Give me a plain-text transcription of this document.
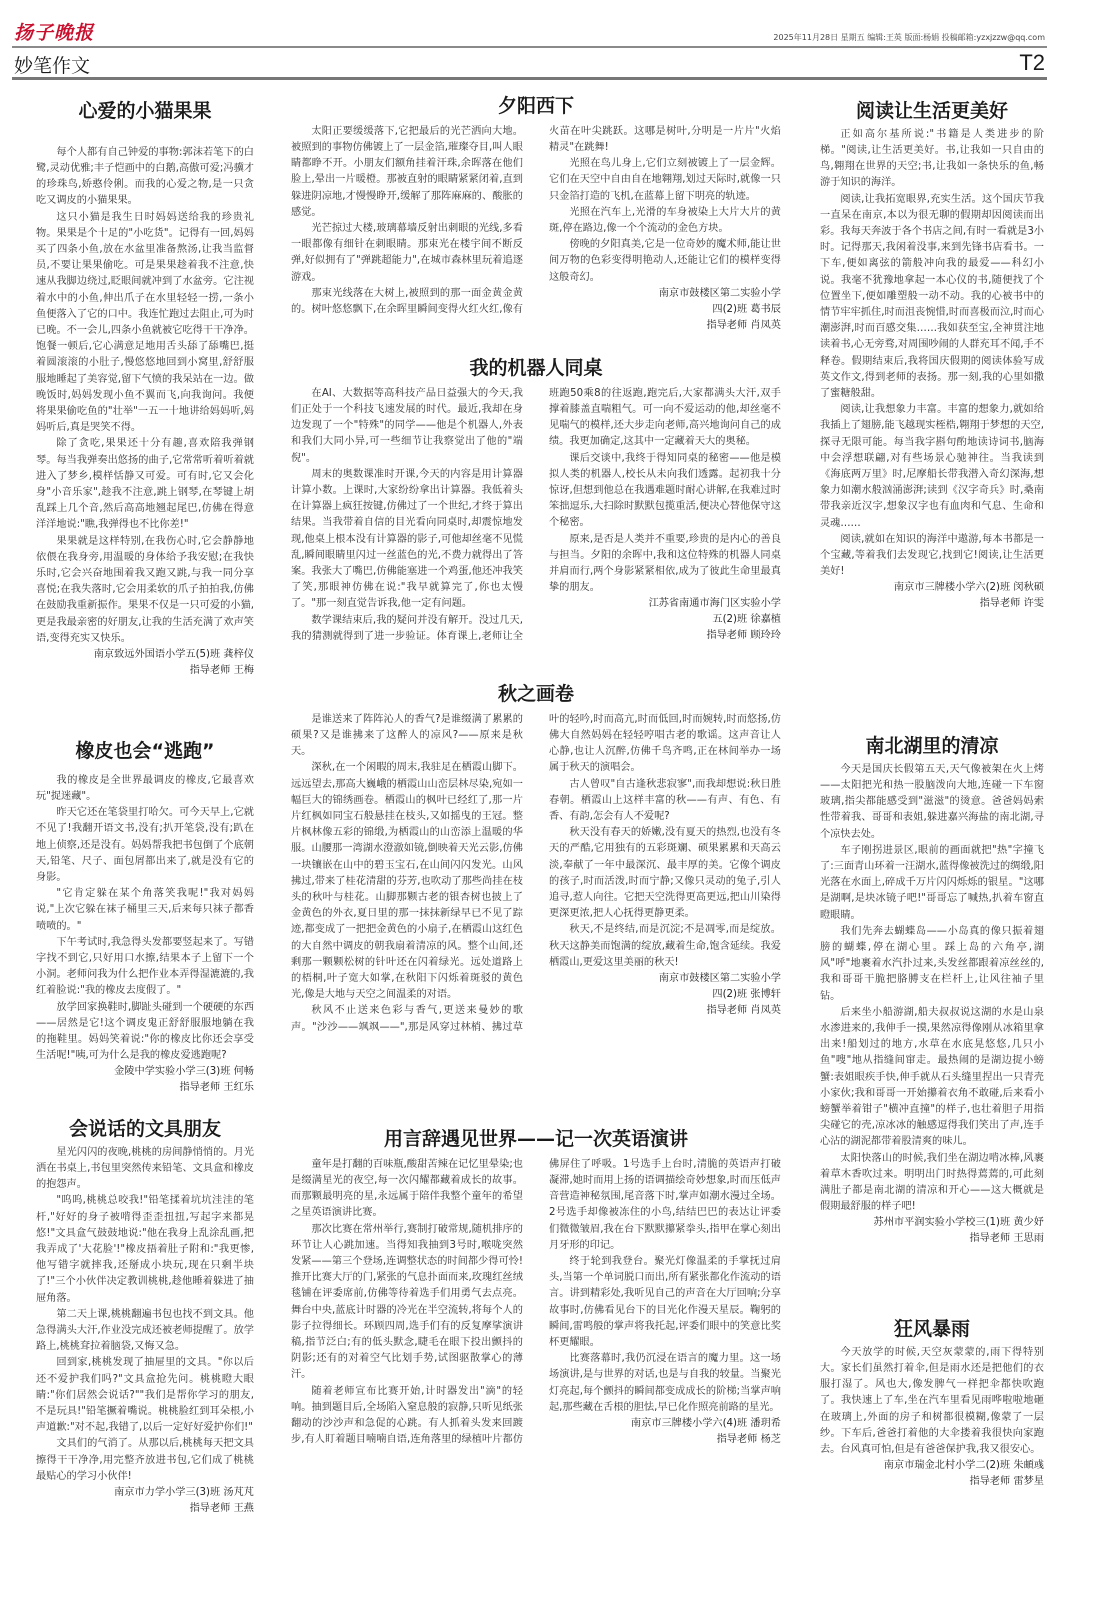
扬子晚报	2025年11月28日 星期五 编辑:王英 版面:杨娟 投稿邮箱:yzxjzzw@qq.com
妙笔作文	T2
心爱的小猫果果

每个人都有自己钟爱的事物:郭沫若笔下的白鹭,灵动优雅;丰子恺画中的白鹅,高傲可爱;冯骥才的珍珠鸟,娇憨伶俐。而我的心爱之物,是一只贪吃又调皮的小猫果果。

这只小猫是我生日时妈妈送给我的珍贵礼物。果果是个十足的"小吃货"。记得有一回,妈妈买了四条小鱼,放在水盆里准备熬汤,让我当监督员,不要让果果偷吃。可是果果趁着我不注意,快速从我脚边绕过,眨眼间就冲到了水盆旁。它注视着水中的小鱼,伸出爪子在水里轻轻一捞,一条小鱼便落入了它的口中。我连忙跑过去阻止,可为时已晚。不一会儿,四条小鱼就被它吃得干干净净。饱餐一顿后,它心满意足地用舌头舔了舔嘴巴,挺着圆滚滚的小肚子,慢悠悠地回到小窝里,舒舒服服地睡起了美容觉,留下气愤的我呆站在一边。做晚饭时,妈妈发现小鱼不翼而飞,向我询问。我便将果果偷吃鱼的"壮举"一五一十地讲给妈妈听,妈妈听后,真是哭笑不得。

除了贪吃,果果还十分有趣,喜欢陪我弹钢琴。每当我弹奏出悠扬的曲子,它常常听着听着就进入了梦乡,模样恬静又可爱。可有时,它又会化身"小音乐家",趁我不注意,跳上钢琴,在琴键上胡乱踩上几个音,然后高高地翘起尾巴,仿佛在得意洋洋地说:"瞧,我弹得也不比你差!"

果果就是这样特别,在我伤心时,它会静静地依偎在我身旁,用温暖的身体给予我安慰;在我快乐时,它会兴奋地围着我又跑又跳,与我一同分享喜悦;在我失落时,它会用柔软的爪子拍拍我,仿佛在鼓励我重新振作。果果不仅是一只可爱的小猫,更是我最亲密的好朋友,让我的生活充满了欢声笑语,变得充实又快乐。

南京致远外国语小学五(5)班 龚梓仪
指导老师 王梅
橡皮也会“逃跑”

我的橡皮是全世界最调皮的橡皮,它最喜欢玩"捉迷藏"。

昨天它还在笔袋里打哈欠。可今天早上,它就不见了!我翻开语文书,没有;扒开笔袋,没有;趴在地上侦察,还是没有。妈妈帮我把书包倒了个底朝天,铅笔、尺子、面包屑都出来了,就是没有它的身影。

"它肯定躲在某个角落笑我呢!"我对妈妈说,"上次它躲在袜子桶里三天,后来每只袜子都香喷喷的。"

下午考试时,我急得头发都要竖起来了。写错字找不到它,只好用口水擦,结果本子上留下一个小洞。老师问我为什么把作业本弄得湿漉漉的,我红着脸说:"我的橡皮去度假了。"

放学回家换鞋时,脚趾头碰到一个硬硬的东西——居然是它!这个调皮鬼正舒舒服服地躺在我的拖鞋里。妈妈笑着说:"你的橡皮比你还会享受生活呢!"咦,可为什么是我的橡皮爱逃跑呢?

金陵中学实验小学三(3)班 何畅
指导老师 王红乐
会说话的文具朋友

星光闪闪的夜晚,桃桃的房间静悄悄的。月光洒在书桌上,书包里突然传来铅笔、文具盒和橡皮的抱怨声。

"呜呜,桃桃总咬我!"铅笔揉着坑坑洼洼的笔杆,"好好的身子被啃得歪歪扭扭,写起字来都晃悠!"文具盒气鼓鼓地说:"他在我身上乱涂乱画,把我弄成了'大花脸'!"橡皮捂着肚子附和:"我更惨,他写错字就摔我,还掰成小块玩,现在只剩半块了!"三个小伙伴决定教训桃桃,趁他睡着躲进了抽屉角落。

第二天上课,桃桃翻遍书包也找不到文具。他急得满头大汗,作业没完成还被老师提醒了。放学路上,桃桃耷拉着脑袋,又悔又急。

回到家,桃桃发现了抽屉里的文具。"你以后还不爱护我们吗?"文具盒抢先问。桃桃瞪大眼睛:"你们居然会说话?""我们是帮你学习的朋友,不是玩具!"铅笔撅着嘴说。桃桃脸红到耳朵根,小声道歉:"对不起,我错了,以后一定好好爱护你们!"

文具们的气消了。从那以后,桃桃每天把文具擦得干干净净,用完整齐放进书包,它们成了桃桃最贴心的学习小伙伴!

南京市力学小学三(3)班 汤芃芃
指导老师 王燕
夕阳西下

太阳正要缓缓落下,它把最后的光芒洒向大地。被照到的事物仿佛镀上了一层金箔,璀璨夺目,叫人眼睛都睁不开。小朋友们额角挂着汗珠,余晖落在他们脸上,晕出一片暖橙。那被直射的眼睛紧紧闭着,直到躲进阴凉地,才慢慢睁开,缓解了那阵麻麻的、酸胀的感觉。

光芒掠过大楼,玻璃幕墙反射出刺眼的光线,多看一眼都像有细针在刺眼睛。那束光在楼宇间不断反弹,好似拥有了"弹跳超能力",在城市森林里玩着追逐游戏。

那束光线落在大树上,被照到的那一面金黄金黄的。树叶悠悠飘下,在余晖里瞬间变得火红火红,像有火苗在叶尖跳跃。这哪是树叶,分明是一片片"火焰精灵"在跳舞!

光照在鸟儿身上,它们立刻被镀上了一层金辉。它们在天空中自由自在地翱翔,划过天际时,就像一只只金箔打造的飞机,在蓝幕上留下明亮的轨迹。

光照在汽车上,光滑的车身被染上大片大片的黄斑,停在路边,像一个个流动的金色方块。

傍晚的夕阳真美,它是一位奇妙的魔术师,能让世间万物的色彩变得明艳动人,还能让它们的模样变得这般奇幻。

南京市鼓楼区第二实验小学
四(2)班 葛书辰
指导老师 肖凤英
我的机器人同桌

在AI、大数据等高科技产品日益强大的今天,我们正处于一个科技飞速发展的时代。最近,我却在身边发现了一个"特殊"的同学——他是个机器人,外表和我们大同小异,可一些细节让我察觉出了他的"端倪"。

周末的奥数课准时开课,今天的内容是用计算器计算小数。上课时,大家纷纷拿出计算器。我低着头在计算器上疯狂按键,仿佛过了一个世纪,才终于算出结果。当我带着自信的目光看向同桌时,却震惊地发现,他桌上根本没有计算器的影子,可他却丝毫不见慌乱,瞬间眼睛里闪过一丝蓝色的光,不费力就得出了答案。我张大了嘴巴,仿佛能塞进一个鸡蛋,他还冲我笑了笑,那眼神仿佛在说:"我早就算完了,你也太慢了。"那一刻直觉告诉我,他一定有问题。

数学课结束后,我的疑问并没有解开。没过几天,我的猜测就得到了进一步验证。体育课上,老师让全班跑50乘8的往返跑,跑完后,大家都满头大汗,双手撑着膝盖直喘粗气。可一向不爱运动的他,却丝毫不见喘气的模样,还大步走向老师,高兴地询问自己的成绩。我更加确定,这其中一定藏着天大的奥秘。

课后交谈中,我终于得知同桌的秘密——他是模拟人类的机器人,校长从未向我们透露。起初我十分惊讶,但想到他总在我遇难题时耐心讲解,在我难过时笨拙逗乐,大扫除时默默包揽重活,便决心替他保守这个秘密。

原来,是否是人类并不重要,珍贵的是内心的善良与担当。夕阳的余晖中,我和这位特殊的机器人同桌并肩而行,两个身影紧紧相依,成为了彼此生命里最真挚的朋友。

江苏省南通市海门区实验小学
五(2)班 徐嘉植
指导老师 顾玲玲
秋之画卷

是谁送来了阵阵沁人的香气?是谁缀满了累累的硕果?又是谁拂来了这醉人的凉风?——原来是秋天。

深秋,在一个闲暇的周末,我驻足在栖霞山脚下。远远望去,那高大巍峨的栖霞山山峦层林尽染,宛如一幅巨大的锦绣画卷。栖霞山的枫叶已经红了,那一片片红枫如同宝石般悬挂在枝头,又如摇曳的王冠。整片枫林像五彩的锦缎,为栖霞山的山峦添上温暖的华服。山腰那一湾湖水澄澈如镜,倒映着天光云影,仿佛一块镶嵌在山中的碧玉宝石,在山间闪闪发光。山风拂过,带来了桂花清甜的芬芳,也吹动了那些尚挂在枝头的秋叶与桂花。山脚那颗古老的银杏树也披上了金黄色的外衣,夏日里的那一抹抹新绿早已不见了踪迹,都变成了一把把金黄色的小扇子,在栖霞山这红色的大自然中调皮的朝我扇着清凉的风。整个山间,还剩那一颗颗松树的针叶还在闪着绿光。远处道路上的梧桐,叶子宽大如掌,在秋阳下闪烁着斑驳的黄色光,像是大地与天空之间温柔的对语。

秋风不止送来色彩与香气,更送来曼妙的歌声。"沙沙——飒飒——",那是风穿过林梢、拂过草叶的轻吟,时而高亢,时而低回,时而婉转,时而悠扬,仿佛大自然妈妈在轻轻哼唱古老的歌谣。这声音让人心静,也让人沉醉,仿佛千鸟齐鸣,正在林间举办一场属于秋天的演唱会。

古人曾叹"自古逢秋悲寂寥",而我却想说:秋日胜春朝。栖霞山上这样丰富的秋——有声、有色、有香、有韵,怎会有人不爱呢?

秋天没有春天的娇嫩,没有夏天的热烈,也没有冬天的严酷,它用独有的五彩斑斓、硕果累累和天高云淡,奉献了一年中最深沉、最丰厚的美。它像个调皮的孩子,时而活泼,时而宁静;又像只灵动的兔子,引人追寻,惹人向往。它把天空洗得更高更远,把山川染得更深更浓,把人心抚得更静更柔。

秋天,不是终结,而是沉淀;不是凋零,而是绽放。秋天这静美而饱满的绽放,藏着生命,饱含延续。我爱栖霞山,更爱这里美丽的秋天!

南京市鼓楼区第二实验小学
四(2)班 张博轩
指导老师 肖凤英
用言辞遇见世界——记一次英语演讲

童年是打翻的百味瓶,酸甜苦辣在记忆里晕染;也是缀满星光的夜空,每一次闪耀都藏着成长的故事。而那颗最明亮的星,永远属于陪伴我整个童年的希望之星英语演讲比赛。

那次比赛在常州举行,赛制打破常规,随机排序的环节让人心跳加速。当得知我抽到3号时,喉咙突然发紧——第三个登场,连调整状态的时间都少得可怜!推开比赛大厅的门,紧张的气息扑面而来,玫瑰红丝绒毯铺在评委席前,仿佛等待着选手们用勇气去点亮。舞台中央,蓝底计时器的冷光在半空流转,将每个人的影子拉得细长。环顾四周,选手们有的反复摩挲演讲稿,指节泛白;有的低头默念,睫毛在眼下投出颤抖的阴影;还有的对着空气比划手势,试图驱散掌心的薄汗。

随着老师宣布比赛开始,计时器发出"滴"的轻响。抽到题目后,全场陷入窒息般的寂静,只听见纸张翻动的沙沙声和急促的心跳。有人抓着头发来回踱步,有人盯着题目喃喃自语,连角落里的绿植叶片都仿佛屏住了呼吸。1号选手上台时,清脆的英语声打破凝滞,她时而用上扬的语调描绘奇妙想象,时而压低声音营造神秘氛围,尾音落下时,掌声如潮水漫过全场。2号选手却像被冻住的小鸟,结结巴巴的表达让评委们微微皱眉,我在台下默默攥紧拳头,指甲在掌心刻出月牙形的印记。

终于轮到我登台。聚光灯像温柔的手掌抚过肩头,当第一个单词脱口而出,所有紧张都化作流动的语言。讲到精彩处,我听见自己的声音在大厅回响;分享故事时,仿佛看见台下的目光化作漫天星辰。鞠躬的瞬间,雷鸣般的掌声将我托起,评委们眼中的笑意比奖杯更耀眼。

比赛落幕时,我仍沉浸在语言的魔力里。这一场场演讲,是与世界的对话,也是与自我的较量。当聚光灯亮起,每个颤抖的瞬间都变成成长的阶梯;当掌声响起,那些藏在舌根的胆怯,早已化作照亮前路的星光。

南京市三牌楼小学六(4)班 潘玥希
指导老师 杨芝
阅读让生活更美好

正如高尔基所说:"书籍是人类进步的阶梯。"阅读,让生活更美好。书,让我如一只自由的鸟,翱翔在世界的天空;书,让我如一条快乐的鱼,畅游于知识的海洋。

阅读,让我拓宽眼界,充实生活。这个国庆节我一直呆在南京,本以为很无聊的假期却因阅读而出彩。我每天奔波于各个书店之间,有时一看就是3小时。记得那天,我闲着没事,来到先锋书店看书。一下车,便如离弦的箭般冲向我的最爱——科幻小说。我毫不犹豫地拿起一本心仪的书,随便找了个位置坐下,便如雕塑般一动不动。我的心被书中的情节牢牢抓住,时而沮丧惋惜,时而喜极而泣,时而心潮澎湃,时而百感交集……我如获至宝,全神贯注地读着书,心无旁骛,对周围吵闹的人群充耳不闻,手不释卷。假期结束后,我将国庆假期的阅读体验写成英文作文,得到老师的表扬。那一刻,我的心里如撒了蜜糖般甜。

阅读,让我想象力丰富。丰富的想象力,就如给我插上了翅膀,能飞越现实桎梏,翱翔于梦想的天空,探寻无限可能。每当我字斟句酌地读诗词书,脑海中会浮想联翩,对有些场景心驰神往。当我读到《海底两万里》时,尼摩船长带我潜入奇幻深海,想象力如潮水般汹涌澎湃;读到《汉字奇兵》时,桑南带我亲近汉字,想象汉字也有血肉和气息、生命和灵魂……

阅读,就如在知识的海洋中遨游,每本书都是一个宝藏,等着我们去发现它,找到它!阅读,让生活更美好!

南京市三牌楼小学六(2)班 闵秋硕
指导老师 许雯
南北湖里的清凉

今天是国庆长假第五天,天气像被架在火上烤——太阳把光和热一股脑泼向大地,连碰一下车窗玻璃,指尖都能感受到"滋滋"的烫意。爸爸妈妈索性带着我、哥哥和表姐,躲进嘉兴海盐的南北湖,寻个凉快去处。

车子刚拐进景区,眼前的画面就把"热"字撞飞了:三面青山环着一汪湖水,蓝得像被洗过的绸缎,阳光落在水面上,碎成千万片闪闪烁烁的银星。"这哪是湖啊,是块冰镜子吧!"哥哥忘了喊热,扒着车窗直瞪眼睛。

我们先奔去蝴蝶岛——小岛真的像只振着翅膀的蝴蝶,停在湖心里。踩上岛的六角亭,湖风"呼"地裹着水汽扑过来,头发丝都跟着凉丝丝的,我和哥哥干脆把胳膊支在栏杆上,让风往袖子里钻。

后来坐小船游湖,船夫叔叔说这湖的水是山泉水渗进来的,我伸手一摸,果然凉得像刚从冰箱里拿出来!船划过的地方,水草在水底晃悠悠,几只小鱼"嗖"地从指缝间窜走。最热闹的是湖边捉小螃蟹:表姐眼疾手快,伸手就从石头缝里捏出一只青壳小家伙;我和哥哥一开始攥着衣角不敢碰,后来看小螃蟹举着钳子"横冲直撞"的样子,也壮着胆子用指尖碰它的壳,凉冰冰的触感逗得我们笑出了声,连手心沾的湖泥都带着股清爽的味儿。

太阳快落山的时候,我们坐在湖边啃冰棒,风裹着草木香吹过来。明明出门时热得蔫蔫的,可此刻满肚子都是南北湖的清凉和开心——这大概就是假期最舒服的样子吧!

苏州市平润实验小学校三(1)班 黄少妤
指导老师 王思雨
狂风暴雨

今天放学的时候,天空灰蒙蒙的,雨下得特别大。家长们虽然打着伞,但是雨水还是把他们的衣服打湿了。风也大,像发脾气一样把伞都快吹跑了。我快速上了车,坐在汽车里看见雨哗啦啦地砸在玻璃上,外面的房子和树都很模糊,像蒙了一层纱。下车后,爸爸打着他的大伞搂着我很快向家跑去。台风真可怕,但是有爸爸保护我,我又很安心。

南京市瑞金北村小学二(2)班 朱頔彧
指导老师 雷梦星
